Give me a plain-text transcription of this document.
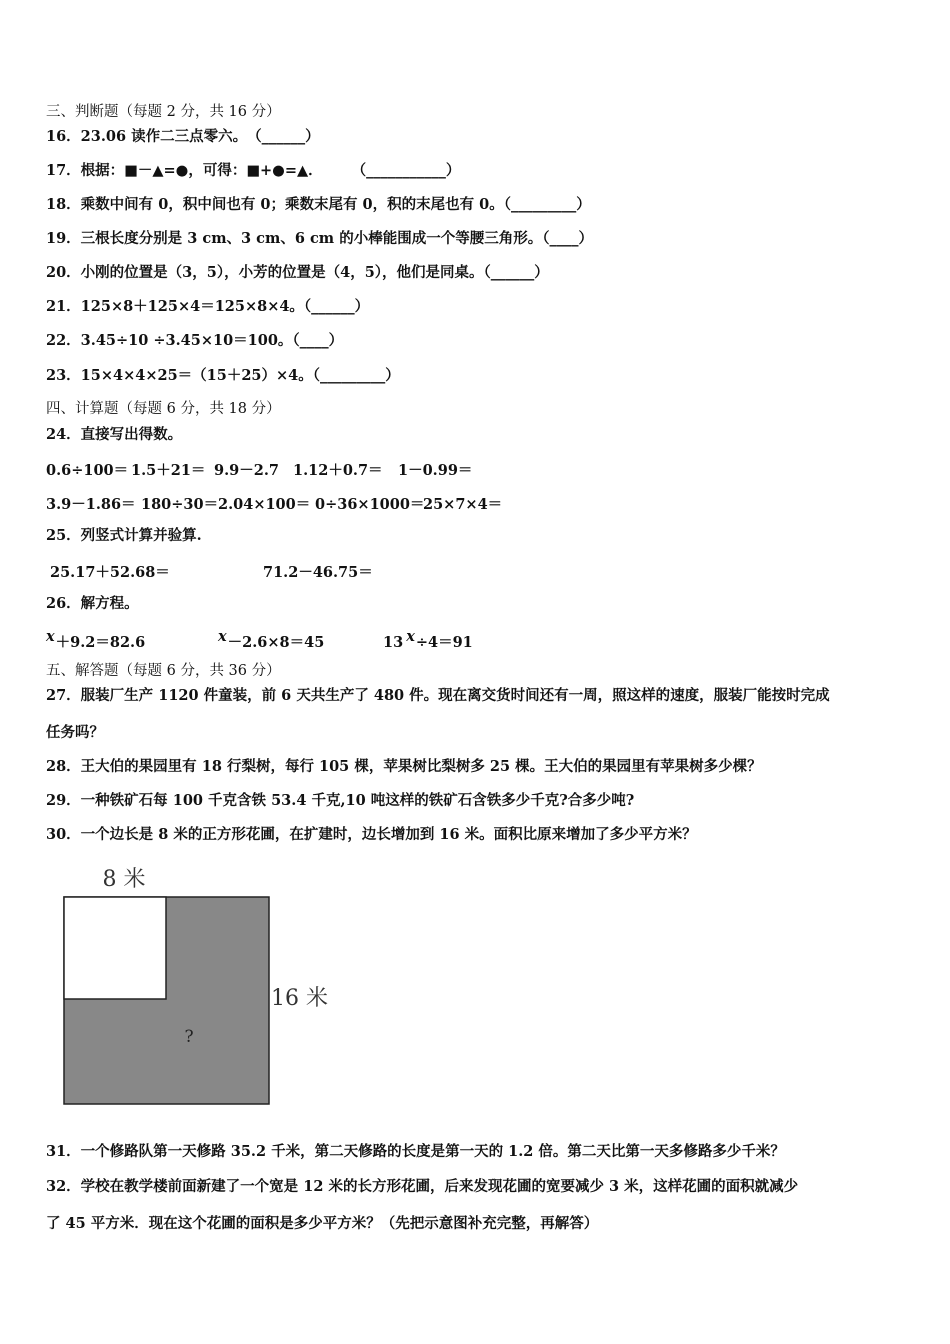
三、判断题（每题 2 分，共 16 分）
16．23.06 读作二三点零六。　（______）
17．根据：■－▲=●，可得：■+●=▲．　　　（___________）
18．乘数中间有 0，积中间也有 0；乘数末尾有 0，积的末尾也有 0。（_________）
19．三根长度分别是 3 cm、3 cm、6 cm 的小棒能围成一个等腰三角形。（____）
20．小刚的位置是（3，5），小芳的位置是（4，5），他们是同桌。（______）
21．125×8＋125×4＝125×8×4。（______）
22．3.45÷10 ÷3.45×10＝100。（____）
23．15×4×4×25＝（15＋25）×4。（_________）
四、计算题（每题 6 分，共 18 分）
24．直接写出得数。
0.6÷100＝ 1.5＋21＝ 9.9－2.7 1.12＋0.7＝ 1－0.99＝
3.9－1.86＝ 180÷30＝ 2.04×100＝ 0÷36×1000＝
25×7×4＝
25．列竖式计算并验算.
25.17＋52.68＝	71.2－46.75＝
26．解方程。
x＋9.2＝82.6	x－2.6×8＝45	13 x÷4＝91
五、解答题（每题 6 分，共 36 分）
27．服装厂生产 1120 件童装，前 6 天共生产了 480 件。现在离交货时间还有一周，照这样的速度，服装厂能按时完成
任务吗？
28．王大伯的果园里有 18 行梨树，每行 105 棵，苹果树比梨树多 25 棵。王大伯的果园里有苹果树多少棵？
29．一种铁矿石每 100 千克含铁 53.4 千克,10 吨这样的铁矿石含铁多少千克?合多少吨?
30．一个边长是 8 米的正方形花圃，在扩建时，边长增加到 16 米。面积比原来增加了多少平方米？
8 米
16 米
?
31．一个修路队第一天修路 35.2 千米，第二天修路的长度是第一天的 1.2 倍。第二天比第一天多修路多少千米？
32．学校在教学楼前面新建了一个宽是 12 米的长方形花圃，后来发现花圃的宽要减少 3 米，这样花圃的面积就减少
了 45 平方米．现在这个花圃的面积是多少平方米？（先把示意图补充完整，再解答）
